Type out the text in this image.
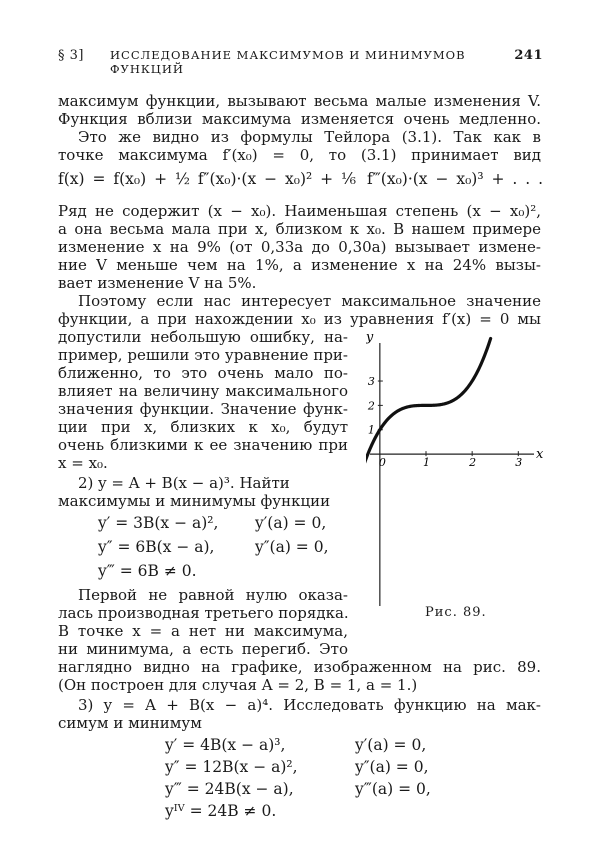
§ 3] ИССЛЕДОВАНИЕ МАКСИМУМОВ И МИНИМУМОВ ФУНКЦИЙ
241
максимум функции, вызывают весьма малые изменения V.
Функция вблизи максимума изменяется очень медленно.
Это же видно из формулы Тейлора (3.1). Так как в
точке максимума f′(x₀) = 0, то (3.1) принимает вид
f(x) = f(x₀) + ½ f″(x₀)·(x − x₀)² + ⅙ f‴(x₀)·(x − x₀)³ + . . .
Ряд не содержит (x − x₀). Наименьшая степень (x − x₀)²,
а она весьма мала при x, близком к x₀. В нашем примере
изменение x на 9% (от 0,33a до 0,30a) вызывает измене-
ние V меньше чем на 1%, а изменение x на 24% вызы-
вает изменение V на 5%.
Поэтому если нас интересует максимальное значение
функции, а при нахождении x₀ из уравнения f′(x) = 0 мы
допустили небольшую ошибку, на-
пример, решили это уравнение при-
ближенно, то это очень мало по-
влияет на величину максимального
значения функции. Значение функ-
ции при x, близких к x₀, будут
очень близкими к ее значению при
x = x₀.
2) y = A + B(x − a)³. Найти
максимумы и минимумы функции
y′ = 3B(x − a)², y′(a) = 0,
y″ = 6B(x − a),	y″(a) = 0,
y‴ = 6B ≠ 0.
Первой не равной нулю оказа-
лась производная третьего порядка.
В точке x = a нет ни максимума,
ни минимума, а есть перегиб. Это
наглядно видно на графике, изображенном на рис. 89.
(Он построен для случая A = 2, B = 1, a = 1.)
3) y = A + B(x − a)⁴. Исследовать функцию на мак-
симум и минимум
y′ = 4B(x − a)³,	y′(a) = 0,
y″ = 12B(x − a)²,	y″(a) = 0,
y‴ = 24B(x − a),	y‴(a) = 0,
yᴵⱽ = 24B ≠ 0.
x
y
0	1	2	3
1
2
3
Рис. 89.
